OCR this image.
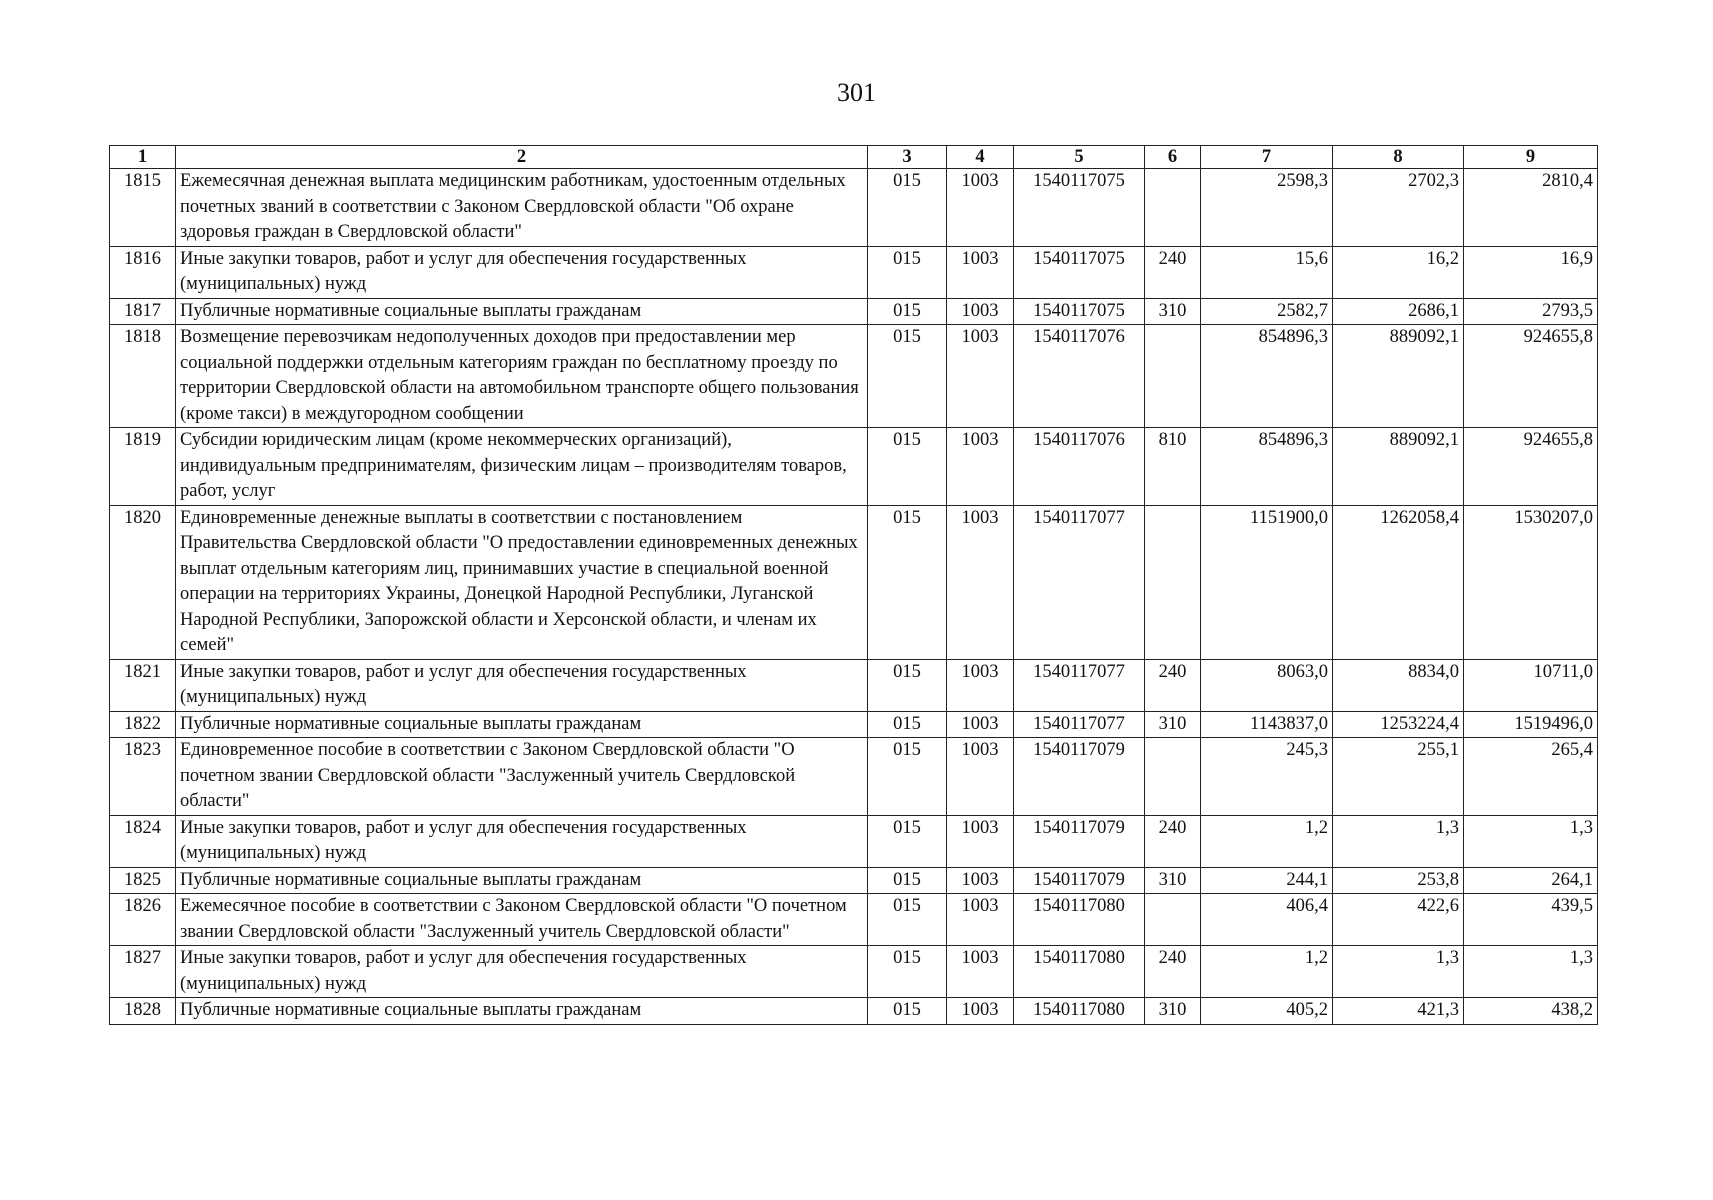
301
1	2	3	4	5	6	7	8	9
1815	Ежемесячная денежная выплата медицинским работникам, удостоенным отдельных почетных званий в соответствии с Законом Свердловской области "Об охране здоровья граждан в Свердловской области"	015	1003	1540117075		2598,3	2702,3	2810,4
1816	Иные закупки товаров, работ и услуг для обеспечения государственных (муниципальных) нужд	015	1003	1540117075	240	15,6	16,2	16,9
1817	Публичные нормативные социальные выплаты гражданам	015	1003	1540117075	310	2582,7	2686,1	2793,5
1818	Возмещение перевозчикам недополученных доходов при предоставлении мер социальной поддержки отдельным категориям граждан по бесплатному проезду по территории Свердловской области на автомобильном транспорте общего пользования (кроме такси) в междугородном сообщении	015	1003	1540117076		854896,3	889092,1	924655,8
1819	Субсидии юридическим лицам (кроме некоммерческих организаций), индивидуальным предпринимателям, физическим лицам – производителям товаров, работ, услуг	015	1003	1540117076	810	854896,3	889092,1	924655,8
1820	Единовременные денежные выплаты в соответствии с постановлением Правительства Свердловской области "О предоставлении единовременных денежных выплат отдельным категориям лиц, принимавших участие в специальной военной операции на территориях Украины, Донецкой Народной Республики, Луганской Народной Республики, Запорожской области и Херсонской области, и членам их семей"	015	1003	1540117077		1151900,0	1262058,4	1530207,0
1821	Иные закупки товаров, работ и услуг для обеспечения государственных (муниципальных) нужд	015	1003	1540117077	240	8063,0	8834,0	10711,0
1822	Публичные нормативные социальные выплаты гражданам	015	1003	1540117077	310	1143837,0	1253224,4	1519496,0
1823	Единовременное пособие в соответствии с Законом Свердловской области "О почетном звании Свердловской области "Заслуженный учитель Свердловской области"	015	1003	1540117079		245,3	255,1	265,4
1824	Иные закупки товаров, работ и услуг для обеспечения государственных (муниципальных) нужд	015	1003	1540117079	240	1,2	1,3	1,3
1825	Публичные нормативные социальные выплаты гражданам	015	1003	1540117079	310	244,1	253,8	264,1
1826	Ежемесячное пособие в соответствии с Законом Свердловской области "О почетном звании Свердловской области "Заслуженный учитель Свердловской области"	015	1003	1540117080		406,4	422,6	439,5
1827	Иные закупки товаров, работ и услуг для обеспечения государственных (муниципальных) нужд	015	1003	1540117080	240	1,2	1,3	1,3
1828	Публичные нормативные социальные выплаты гражданам	015	1003	1540117080	310	405,2	421,3	438,2
